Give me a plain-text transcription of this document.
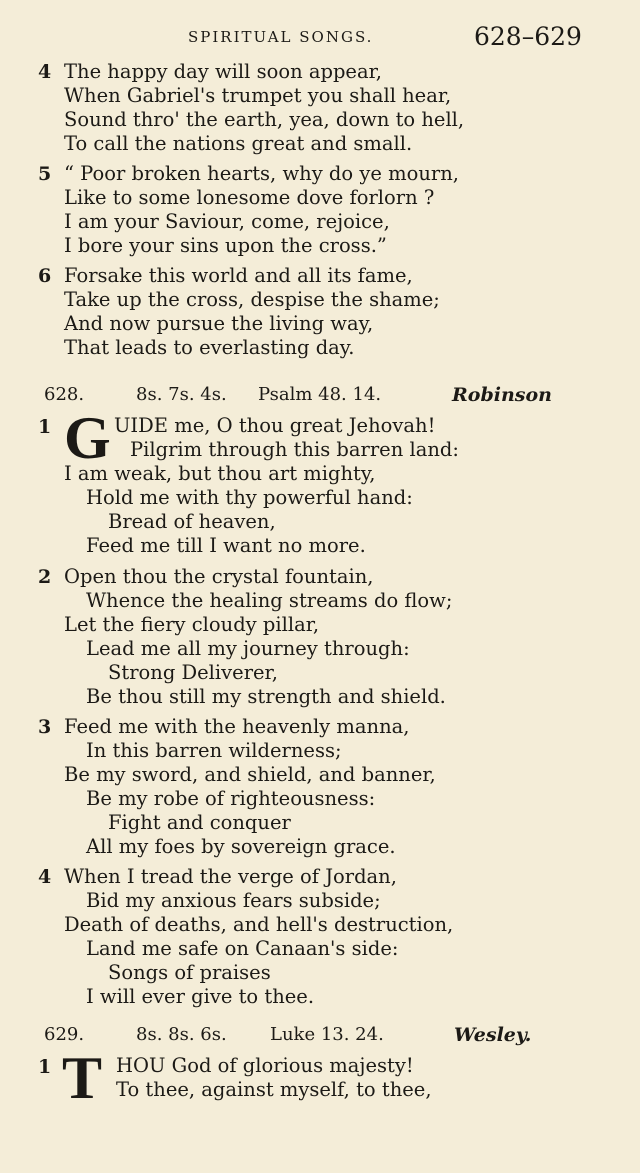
SPIRITUAL SONGS.	628–629
4 The happy day will soon appear,
When Gabriel's trumpet you shall hear,
Sound thro' the earth, yea, down to hell,
To call the nations great and small.
5 “ Poor broken hearts, why do ye mourn,
Like to some lonesome dove forlorn ?
I am your Saviour, come, rejoice,
I bore your sins upon the cross.”
6 Forsake this world and all its fame,
Take up the cross, despise the shame;
And now pursue the living way,
That leads to everlasting day.
628.	8s. 7s. 4s. Psalm 48. 14.	Robinson
1 G UIDE me, O thou great Jehovah!
Pilgrim through this barren land:
I am weak, but thou art mighty,
Hold me with thy powerful hand:
Bread of heaven,
Feed me till I want no more.
2 Open thou the crystal fountain,
Whence the healing streams do flow;
Let the fiery cloudy pillar,
Lead me all my journey through:
Strong Deliverer,
Be thou still my strength and shield.
3 Feed me with the heavenly manna,
In this barren wilderness;
Be my sword, and shield, and banner,
Be my robe of righteousness:
Fight and conquer
All my foes by sovereign grace.
4 When I tread the verge of Jordan,
Bid my anxious fears subside;
Death of deaths, and hell's destruction,
Land me safe on Canaan's side:
Songs of praises
I will ever give to thee.
629.	8s. 8s. 6s. Luke 13. 24.	Wesley.
1 T HOU God of glorious majesty!
To thee, against myself, to thee,
